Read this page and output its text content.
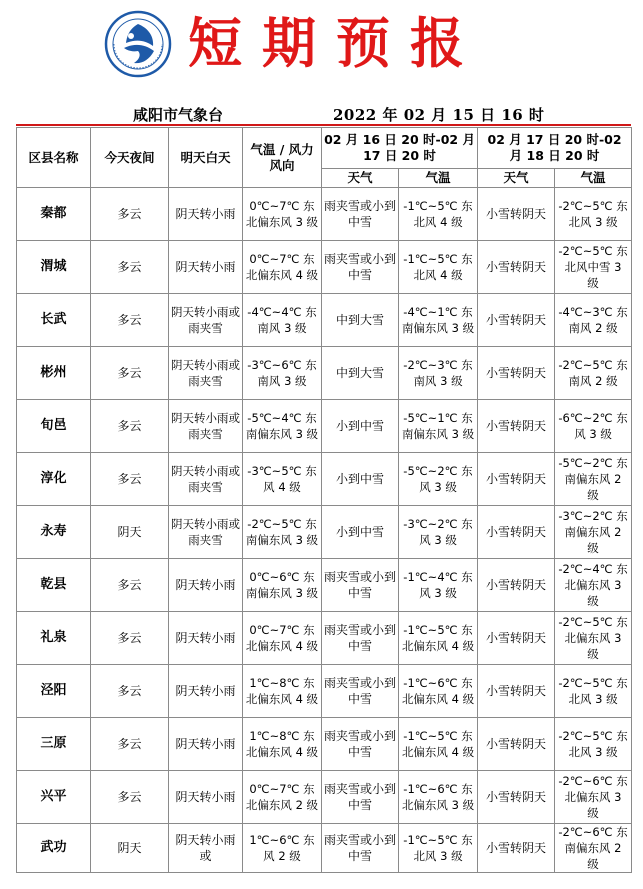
短期预报
咸阳市气象台	2022 年 02 月 15 日 16 时
区县名称	今天夜间	明天白天	气温 / 风力风向	02 月 16 日 20 时-02 月 17 日 20 时		02 月 17 日 20 时-02 月 18 日 20 时	
				天气	气温	天气	气温
秦都	多云	阴天转小雨	0℃~7℃ 东北偏东风 3 级	雨夹雪或小到中雪	-1℃~5℃ 东北风 4 级	小雪转阴天	-2℃~5℃ 东北风 3 级
渭城	多云	阴天转小雨	0℃~7℃ 东北偏东风 4 级	雨夹雪或小到中雪	-1℃~5℃ 东北风 4 级	小雪转阴天	-2℃~5℃ 东北风中雪 3 级
长武	多云	阴天转小雨或雨夹雪	-4℃~4℃ 东南风 3 级	中到大雪	-4℃~1℃ 东南偏东风 3 级	小雪转阴天	-4℃~3℃ 东南风 2 级
彬州	多云	阴天转小雨或雨夹雪	-3℃~6℃ 东南风 3 级	中到大雪	-2℃~3℃ 东南风 3 级	小雪转阴天	-2℃~5℃ 东南风 2 级
旬邑	多云	阴天转小雨或雨夹雪	-5℃~4℃ 东南偏东风 3 级	小到中雪	-5℃~1℃ 东南偏东风 3 级	小雪转阴天	-6℃~2℃ 东风 3 级
淳化	多云	阴天转小雨或雨夹雪	-3℃~5℃ 东风 4 级	小到中雪	-5℃~2℃ 东风 3 级	小雪转阴天	-5℃~2℃ 东南偏东风 2 级
永寿	阴天	阴天转小雨或雨夹雪	-2℃~5℃ 东南偏东风 3 级	小到中雪	-3℃~2℃ 东风 3 级	小雪转阴天	-3℃~2℃ 东南偏东风 2 级
乾县	多云	阴天转小雨	0℃~6℃ 东南偏东风 3 级	雨夹雪或小到中雪	-1℃~4℃ 东风 3 级	小雪转阴天	-2℃~4℃ 东北偏东风 3 级
礼泉	多云	阴天转小雨	0℃~7℃ 东北偏东风 4 级	雨夹雪或小到中雪	-1℃~5℃ 东北偏东风 4 级	小雪转阴天	-2℃~5℃ 东北偏东风 3 级
泾阳	多云	阴天转小雨	1℃~8℃ 东北偏东风 4 级	雨夹雪或小到中雪	-1℃~6℃ 东北偏东风 4 级	小雪转阴天	-2℃~5℃ 东北风 3 级
三原	多云	阴天转小雨	1℃~8℃ 东北偏东风 4 级	雨夹雪或小到中雪	-1℃~5℃ 东北偏东风 4 级	小雪转阴天	-2℃~5℃ 东北风 3 级
兴平	多云	阴天转小雨	0℃~7℃ 东北偏东风 2 级	雨夹雪或小到中雪	-1℃~6℃ 东北偏东风 3 级	小雪转阴天	-2℃~6℃ 东北偏东风 3 级
武功	阴天	阴天转小雨或	1℃~6℃ 东风 2 级	雨夹雪或小到中雪	-1℃~5℃ 东北风 3 级	小雪转阴天	-2℃~6℃ 东南偏东风 2 级
